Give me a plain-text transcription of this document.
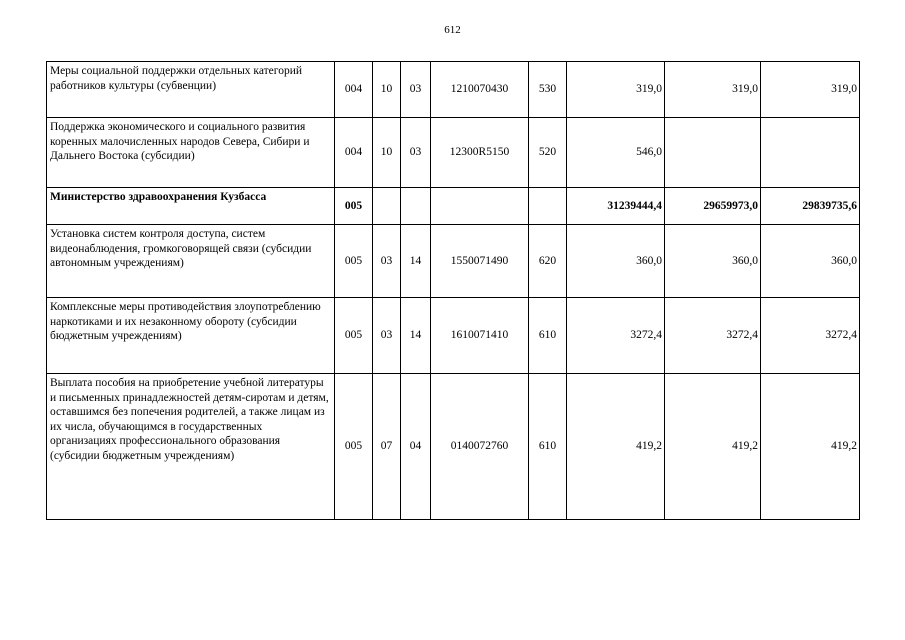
612
Меры социальной поддержки отдельных категорий работников культуры (субвенции)	004	10	03	1210070430	530	319,0	319,0	319,0
Поддержка экономического и социального развития коренных малочисленных народов Севера, Сибири и Дальнего Востока (субсидии)	004	10	03	12300R5150	520	546,0		
Министерство здравоохранения Кузбасса	005					31239444,4	29659973,0	29839735,6
Установка систем контроля доступа, систем видеонаблюдения, громкоговорящей связи (субсидии автономным учреждениям)	005	03	14	1550071490	620	360,0	360,0	360,0
Комплексные меры противодействия злоупотреблению наркотиками и их незаконному обороту (субсидии бюджетным учреждениям)	005	03	14	1610071410	610	3272,4	3272,4	3272,4
Выплата пособия на приобретение учебной литературы и письменных принадлежностей детям-сиротам и детям, оставшимся без попечения родителей, а также лицам из их числа, обучающимся в государственных организациях профессионального образования (субсидии бюджетным учреждениям)	005	07	04	0140072760	610	419,2	419,2	419,2
